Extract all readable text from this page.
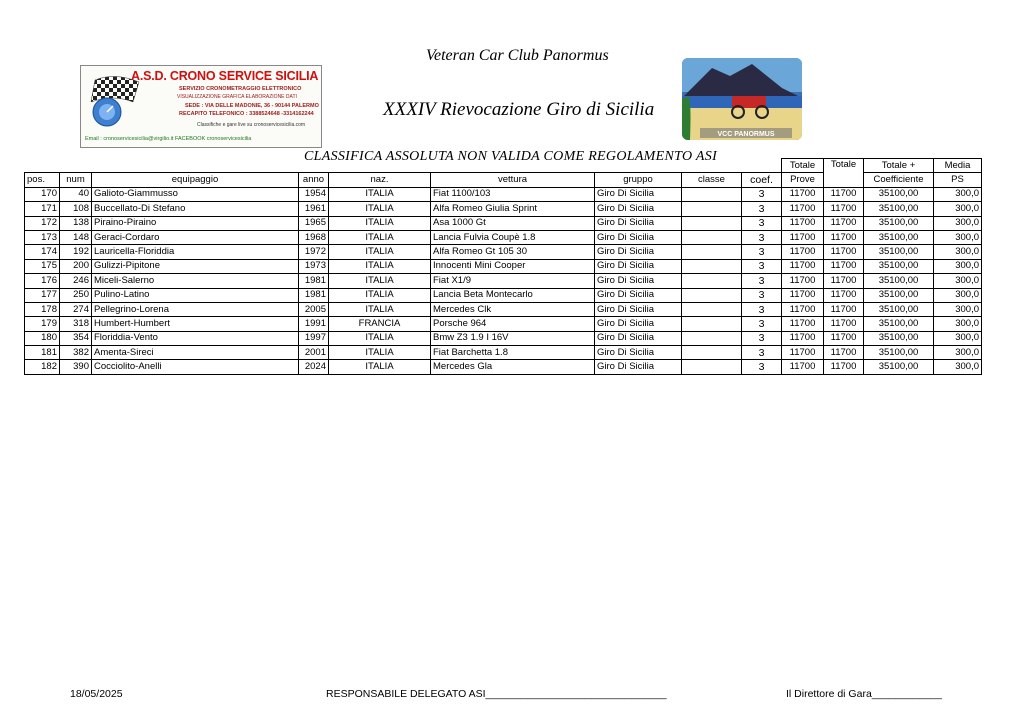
Veteran Car Club Panormus
XXXIV Rievocazione Giro di Sicilia
CLASSIFICA ASSOLUTA NON VALIDA COME REGOLAMENTO ASI
A.S.D. CRONO SERVICE SICILIA
SERVIZIO CRONOMETRAGGIO ELETTRONICO
VISUALIZZAZIONE GRAFICA ELABORAZIONE DATI
SEDE : VIA DELLE MADONIE, 36 - 90144 PALERMO
RECAPITO TELEFONICO : 3388524648 -3314162244
Classifiche e gare live su cronoservicesicilia.com
Email : cronoservicesicilia@virgilio.it FACEBOOK cronoservicesicilia
VCC PANORMUS
									Totale	Totale	Totale +	Media
pos.	num	equipaggio	anno	naz.	vettura	gruppo	classe	coef.	Prove		Coefficiente	PS
170	40	Galioto-Giammusso	1954	ITALIA	Fiat 1100/103	Giro Di Sicilia		3	11700	11700	35100,00	300,0
171	108	Buccellato-Di Stefano	1961	ITALIA	Alfa Romeo Giulia Sprint	Giro Di Sicilia		3	11700	11700	35100,00	300,0
172	138	Piraino-Piraino	1965	ITALIA	Asa 1000 Gt	Giro Di Sicilia		3	11700	11700	35100,00	300,0
173	148	Geraci-Cordaro	1968	ITALIA	Lancia Fulvia Coupè 1.8	Giro Di Sicilia		3	11700	11700	35100,00	300,0
174	192	Lauricella-Floriddia	1972	ITALIA	Alfa Romeo Gt 105 30	Giro Di Sicilia		3	11700	11700	35100,00	300,0
175	200	Gulizzi-Pipitone	1973	ITALIA	Innocenti Mini Cooper	Giro Di Sicilia		3	11700	11700	35100,00	300,0
176	246	Miceli-Salerno	1981	ITALIA	Fiat X1/9	Giro Di Sicilia		3	11700	11700	35100,00	300,0
177	250	Pulino-Latino	1981	ITALIA	Lancia Beta Montecarlo	Giro Di Sicilia		3	11700	11700	35100,00	300,0
178	274	Pellegrino-Lorena	2005	ITALIA	Mercedes Clk	Giro Di Sicilia		3	11700	11700	35100,00	300,0
179	318	Humbert-Humbert	1991	FRANCIA	Porsche 964	Giro Di Sicilia		3	11700	11700	35100,00	300,0
180	354	Floriddia-Vento	1997	ITALIA	Bmw Z3 1.9 I 16V	Giro Di Sicilia		3	11700	11700	35100,00	300,0
181	382	Amenta-Sireci	2001	ITALIA	Fiat Barchetta 1.8	Giro Di Sicilia		3	11700	11700	35100,00	300,0
182	390	Cocciolito-Anelli	2024	ITALIA	Mercedes Gla	Giro Di Sicilia		3	11700	11700	35100,00	300,0
18/05/2025	RESPONSABILE DELEGATO ASI_______________________________	Il Direttore di Gara____________
